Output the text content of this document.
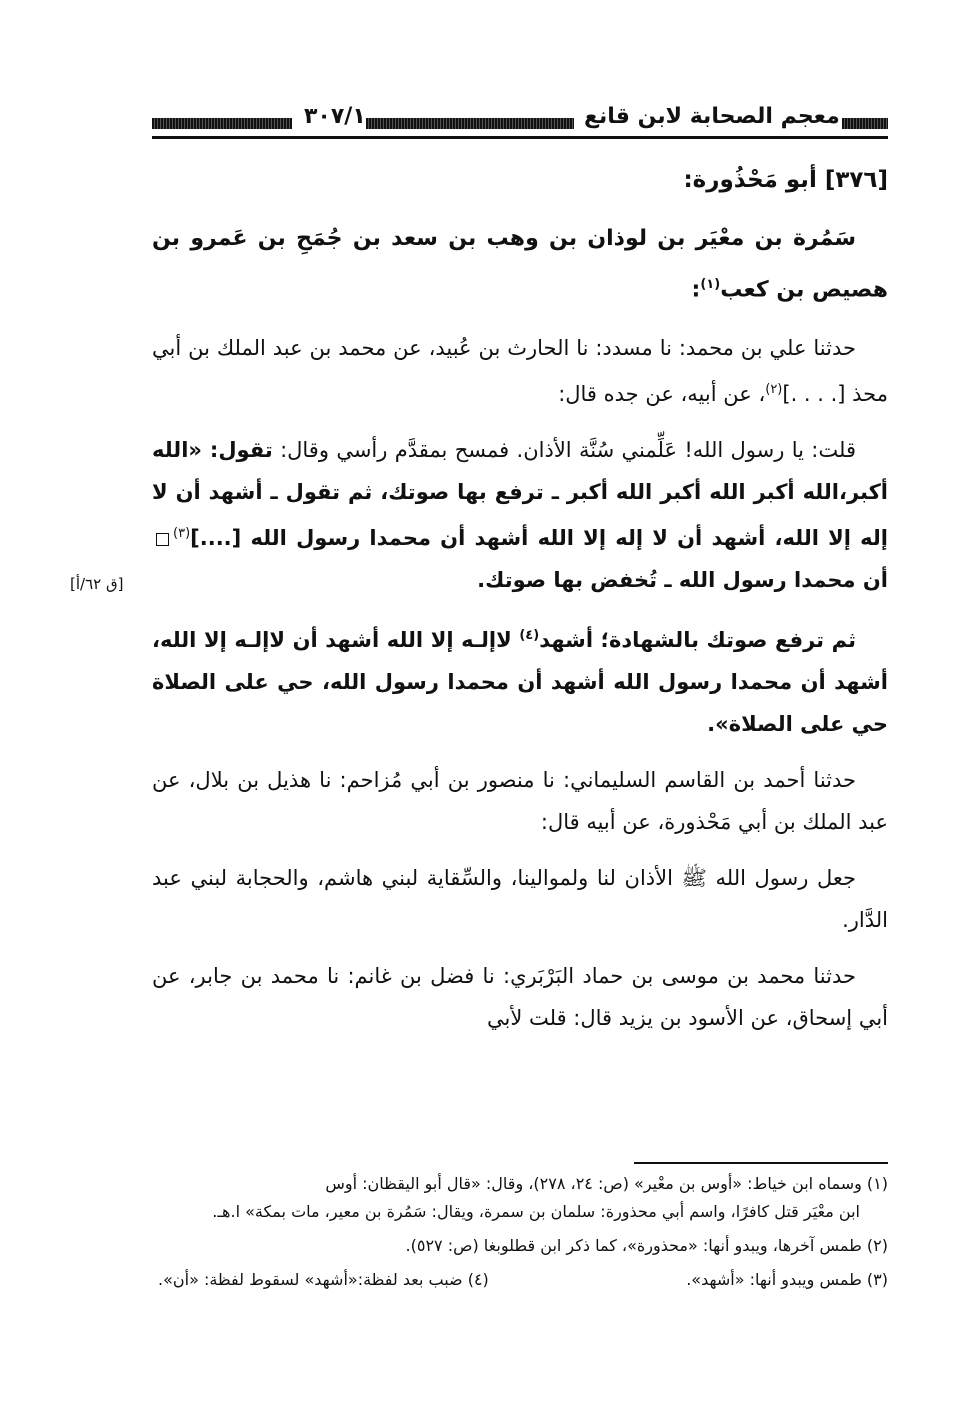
٣٠٧/١	معجم الصحابة لابن قانع

[٣٧٦] أبو مَحْذُورة:

سَمُرة بن معْيَر بن لوذان بن وهب بن سعد بن جُمَحِ بن عَمرو بن هصيص بن كعب$^{(١)}$:

حدثنا علي بن محمد: نا مسدد: نا الحارث بن عُبيد، عن محمد بن عبد الملك بن أبي محذ [. . . .]$^{(٢)}$، عن أبيه، عن جده قال:

قلت: يا رسول الله! عَلِّمني سُنَّة الأذان. فمسح بمقدَّم رأسي وقال: تقول: «الله أكبر،الله أكبر الله أكبر الله أكبر ـ ترفع بها صوتك، ثم تقول ـ أشهد أن لا إله إلا الله، أشهد أن لا إله إلا الله أشهد أن محمدا رسول الله [....]$^{(٣)}$ أن محمدا رسول الله ـ تُخفض بها صوتك.

ثم ترفع صوتك بالشهادة؛ أشهد$^{(٤)}$ لاإلـه إلا الله أشهد أن لاإلـه إلا الله، أشهد أن محمدا رسول الله أشهد أن محمدا رسول الله، حي على الصلاة حي على الصلاة».

حدثنا أحمد بن القاسم السليماني: نا منصور بن أبي مُزاحم: نا هذيل بن بلال، عن عبد الملك بن أبي مَحْذورة، عن أبيه قال:

جعل رسول الله ﷺ الأذان لنا ولموالينا، والسِّقاية لبني هاشم، والحجابة لبني عبد الدَّار.

حدثنا محمد بن موسى بن حماد البَرْبَري: نا فضل بن غانم: نا محمد بن جابر، عن أبي إسحاق، عن الأسود بن يزيد قال: قلت لأبي

[ق ٦٢/أ]

(١) وسماه ابن خياط: «أوس بن معْير» (ص: ٢٤، ٢٧٨)، وقال: «قال أبو اليقظان: أوس

ابن معْيَر قتل كافرًا، واسم أبي محذورة: سلمان بن سمرة، ويقال: سَمُرة بن معير، مات بمكة» ا.هـ.

(٢) طمس آخرها، ويبدو أنها: «محذورة»، كما ذكر ابن قطلوبغا (ص: ٥٢٧).

(٣) طمس ويبدو أنها: «أشهد».
(٤) ضبب بعد لفظة:«أشهد» لسقوط لفظة: «أن».
